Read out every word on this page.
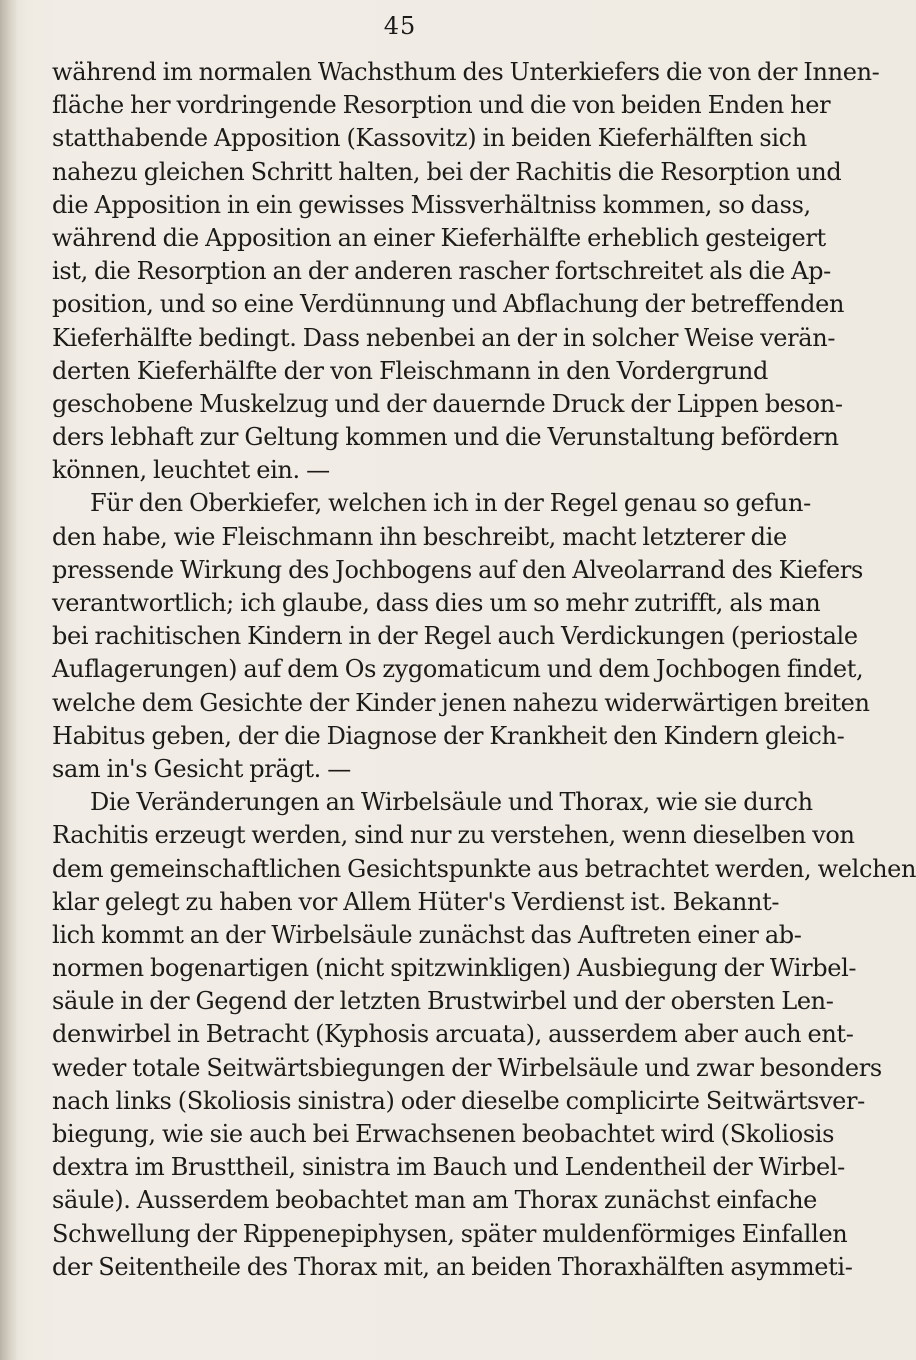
45
während im normalen Wachsthum des Unterkiefers die von der Innen-
fläche her vordringende Resorption und die von beiden Enden her
statthabende Apposition (Kassovitz) in beiden Kieferhälften sich
nahezu gleichen Schritt halten, bei der Rachitis die Resorption und
die Apposition in ein gewisses Missverhältniss kommen, so dass,
während die Apposition an einer Kieferhälfte erheblich gesteigert
ist, die Resorption an der anderen rascher fortschreitet als die Ap-
position, und so eine Verdünnung und Abflachung der betreffenden
Kieferhälfte bedingt. Dass nebenbei an der in solcher Weise verän-
derten Kieferhälfte der von Fleischmann in den Vordergrund
geschobene Muskelzug und der dauernde Druck der Lippen beson-
ders lebhaft zur Geltung kommen und die Verunstaltung befördern
können, leuchtet ein. —
Für den Oberkiefer, welchen ich in der Regel genau so gefun-
den habe, wie Fleischmann ihn beschreibt, macht letzterer die
pressende Wirkung des Jochbogens auf den Alveolarrand des Kiefers
verantwortlich; ich glaube, dass dies um so mehr zutrifft, als man
bei rachitischen Kindern in der Regel auch Verdickungen (periostale
Auflagerungen) auf dem Os zygomaticum und dem Jochbogen findet,
welche dem Gesichte der Kinder jenen nahezu widerwärtigen breiten
Habitus geben, der die Diagnose der Krankheit den Kindern gleich-
sam in's Gesicht prägt. —
Die Veränderungen an Wirbelsäule und Thorax, wie sie durch
Rachitis erzeugt werden, sind nur zu verstehen, wenn dieselben von
dem gemeinschaftlichen Gesichtspunkte aus betrachtet werden, welchen
klar gelegt zu haben vor Allem Hüter's Verdienst ist. Bekannt-
lich kommt an der Wirbelsäule zunächst das Auftreten einer ab-
normen bogenartigen (nicht spitzwinkligen) Ausbiegung der Wirbel-
säule in der Gegend der letzten Brustwirbel und der obersten Len-
denwirbel in Betracht (Kyphosis arcuata), ausserdem aber auch ent-
weder totale Seitwärtsbiegungen der Wirbelsäule und zwar besonders
nach links (Skoliosis sinistra) oder dieselbe complicirte Seitwärtsver-
biegung, wie sie auch bei Erwachsenen beobachtet wird (Skoliosis
dextra im Brusttheil, sinistra im Bauch und Lendentheil der Wirbel-
säule). Ausserdem beobachtet man am Thorax zunächst einfache
Schwellung der Rippenepiphysen, später muldenförmiges Einfallen
der Seitentheile des Thorax mit, an beiden Thoraxhälften asymmeti-
